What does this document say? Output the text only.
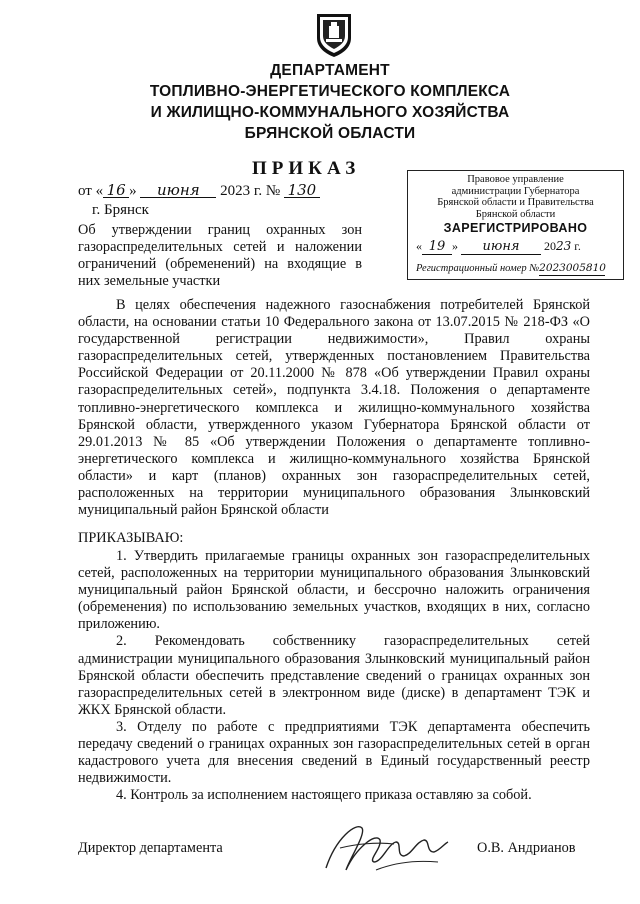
ДЕПАРТАМЕНТ
ТОПЛИВНО-ЭНЕРГЕТИЧЕСКОГО КОМПЛЕКСА
И ЖИЛИЩНО-КОММУНАЛЬНОГО ХОЗЯЙСТВА
БРЯНСКОЙ ОБЛАСТИ
ПРИКАЗ
от « 16 » июня 2023 г. № 130
г. Брянск
Об утверждении границ охранных зон газораспределительных сетей и наложении ограничений (обременений) на входящие в них земельные участки
Правовое управление
администрации Губернатора
Брянской области и Правительства
Брянской области
ЗАРЕГИСТРИРОВАНО
« 19 » июня 2023 г.
Регистрационный номер №2023005810
В целях обеспечения надежного газоснабжения потребителей Брянской области, на основании статьи 10 Федерального закона от 13.07.2015 № 218-ФЗ «О государственной регистрации недвижимости», Правил охраны газораспределительных сетей, утвержденных постановлением Правительства Российской Федерации от 20.11.2000 № 878 «Об утверждении Правил охраны газораспределительных сетей», подпункта 3.4.18. Положения о департаменте топливно-энергетического комплекса и жилищно-коммунального хозяйства Брянской области, утвержденного указом Губернатора Брянской области от 29.01.2013 № 85 «Об утверждении Положения о департаменте топливно-энергетического комплекса и жилищно-коммунального хозяйства Брянской области» и карт (планов) охранных зон газораспределительных сетей, расположенных на территории муниципального образования Злынковский муниципальный район Брянской области
ПРИКАЗЫВАЮ:

1. Утвердить прилагаемые границы охранных зон газораспределительных сетей, расположенных на территории муниципального образования Злынковский муниципальный район Брянской области, и бессрочно наложить ограничения (обременения) по использованию земельных участков, входящих в них, согласно приложению.

2. Рекомендовать собственнику газораспределительных сетей администрации муниципального образования Злынковский муниципальный район Брянской области обеспечить представление сведений о границах охранных зон газораспределительных сетей в электронном виде (диске) в департамент ТЭК и ЖКХ Брянской области.

3. Отделу по работе с предприятиями ТЭК департамента обеспечить передачу сведений о границах охранных зон газораспределительных сетей в орган кадастрового учета для внесения сведений в Единый государственный реестр недвижимости.

4. Контроль за исполнением настоящего приказа оставляю за собой.

Директор департамента	О.В. Андрианов
